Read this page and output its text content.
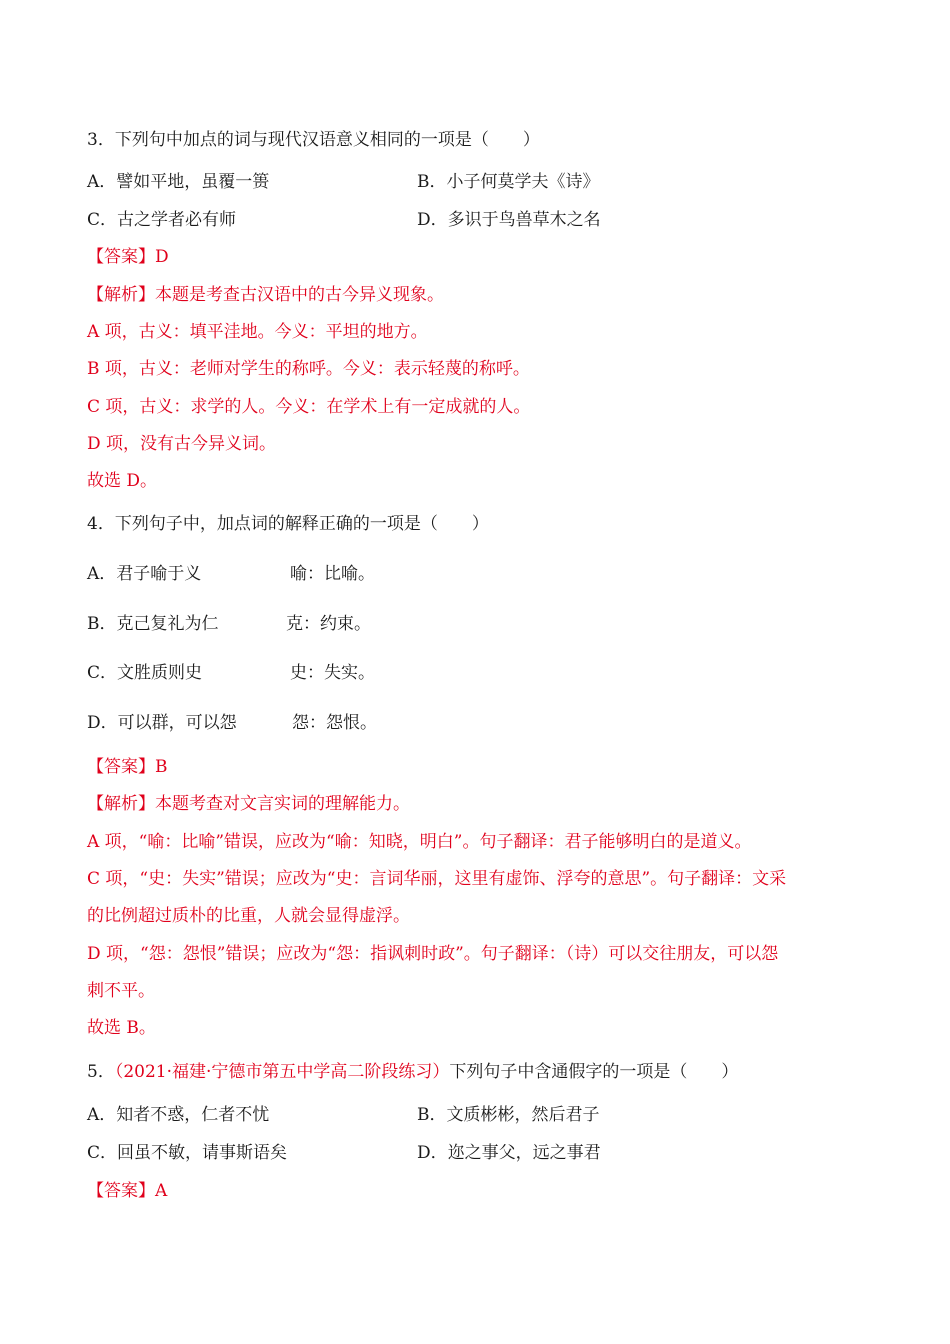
3．下列句中加点的词与现代汉语意义相同的一项是（　　）
A．譬如平地，虽覆一篑	B．小子何莫学夫《诗》
C．古之学者必有师	D．多识于鸟兽草木之名
【答案】D
【解析】本题是考查古汉语中的古今异义现象。
A 项，古义：填平洼地。今义：平坦的地方。
B 项，古义：老师对学生的称呼。今义：表示轻蔑的称呼。
C 项，古义：求学的人。今义：在学术上有一定成就的人。
D 项，没有古今异义词。
故选 D。
4．下列句子中，加点词的解释正确的一项是（　　）
A．君子喻于义	喻：比喻。
B．克己复礼为仁	克：约束。
C．文胜质则史	史：失实。
D．可以群，可以怨	怨：怨恨。
【答案】B
【解析】本题考查对文言实词的理解能力。
A 项，“喻：比喻”错误，应改为“喻：知晓，明白”。句子翻译：君子能够明白的是道义。
C 项，“史：失实”错误；应改为“史：言词华丽，这里有虚饰、浮夸的意思”。句子翻译：文采
的比例超过质朴的比重，人就会显得虚浮。
D 项，“怨：怨恨”错误；应改为“怨：指讽刺时政”。句子翻译：（诗）可以交往朋友，可以怨
刺不平。
故选 B。
5．（2021·福建·宁德市第五中学高二阶段练习）下列句子中含通假字的一项是（　　）
A．知者不惑，仁者不忧	B．文质彬彬，然后君子
C．回虽不敏，请事斯语矣	D．迩之事父，远之事君
【答案】A
